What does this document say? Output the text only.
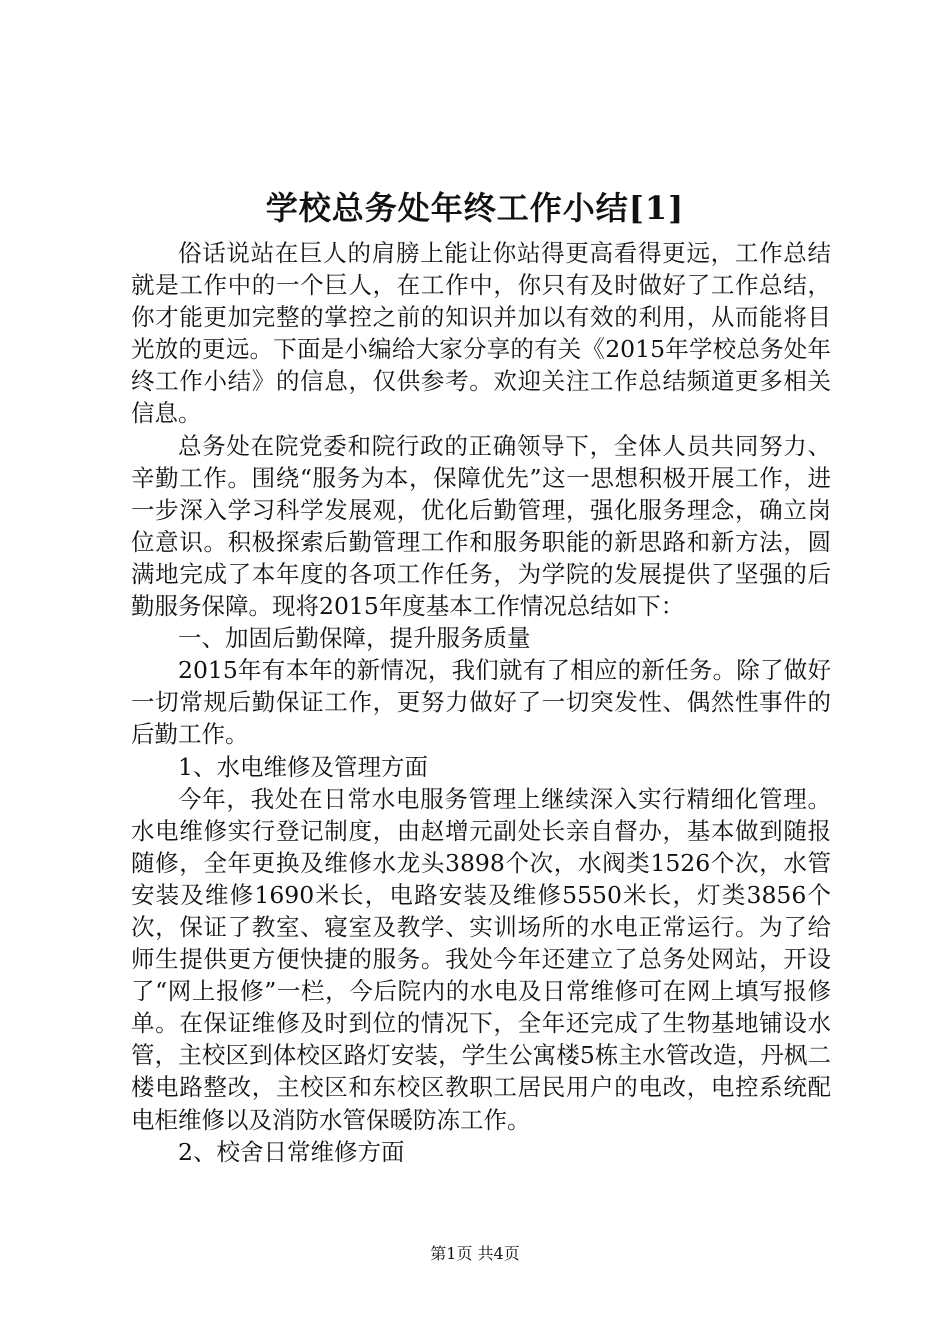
学校总务处年终工作小结[1]

俗话说站在巨人的肩膀上能让你站得更高看得更远，工作总结就是工作中的一个巨人，在工作中，你只有及时做好了工作总结，你才能更加完整的掌控之前的知识并加以有效的利用，从而能将目光放的更远。下面是小编给大家分享的有关《2015年学校总务处年终工作小结》的信息，仅供参考。欢迎关注工作总结频道更多相关信息。

总务处在院党委和院行政的正确领导下，全体人员共同努力、辛勤工作。围绕“服务为本，保障优先”这一思想积极开展工作，进一步深入学习科学发展观，优化后勤管理，强化服务理念，确立岗位意识。积极探索后勤管理工作和服务职能的新思路和新方法，圆满地完成了本年度的各项工作任务，为学院的发展提供了坚强的后勤服务保障。现将2015年度基本工作情况总结如下：

一、加固后勤保障，提升服务质量

2015年有本年的新情况，我们就有了相应的新任务。除了做好一切常规后勤保证工作，更努力做好了一切突发性、偶然性事件的后勤工作。

1、水电维修及管理方面

今年，我处在日常水电服务管理上继续深入实行精细化管理。水电维修实行登记制度，由赵增元副处长亲自督办，基本做到随报随修，全年更换及维修水龙头3898个次，水阀类1526个次，水管安装及维修1690米长，电路安装及维修5550米长，灯类3856个次，保证了教室、寝室及教学、实训场所的水电正常运行。为了给师生提供更方便快捷的服务。我处今年还建立了总务处网站，开设了“网上报修”一栏，今后院内的水电及日常维修可在网上填写报修单。在保证维修及时到位的情况下，全年还完成了生物基地铺设水管，主校区到体校区路灯安装，学生公寓楼5栋主水管改造，丹枫二楼电路整改，主校区和东校区教职工居民用户的电改，电控系统配电柜维修以及消防水管保暖防冻工作。

2、校舍日常维修方面

第1页 共4页
